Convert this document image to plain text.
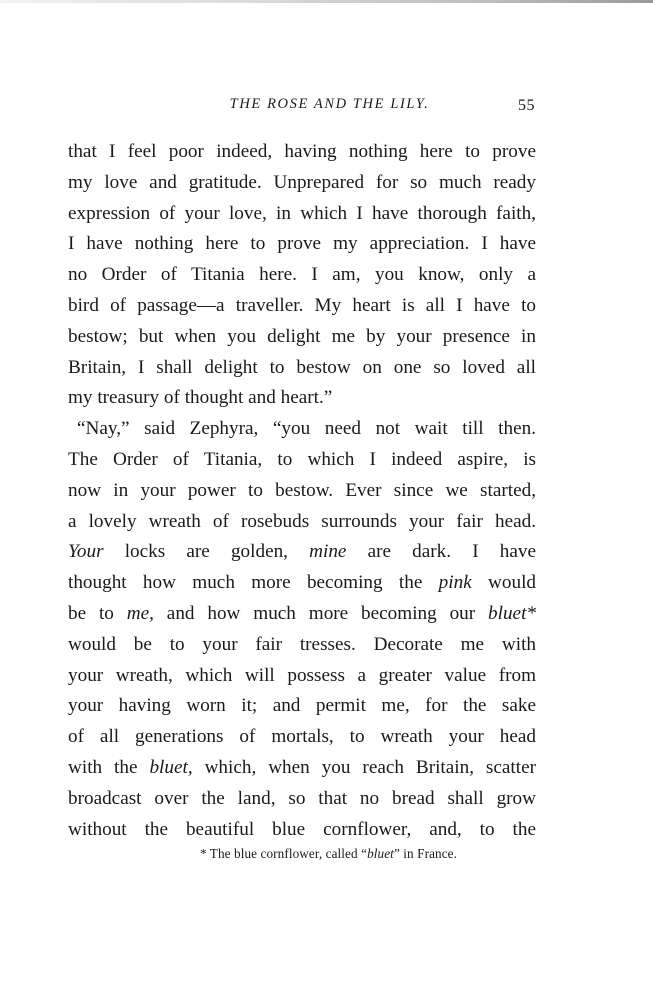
THE ROSE AND THE LILY.	55
that I feel poor indeed, having nothing here to prove
my love and gratitude. Unprepared for so much ready
expression of your love, in which I have thorough faith,
I have nothing here to prove my appreciation. I have
no Order of Titania here. I am, you know, only a
bird of passage—a traveller. My heart is all I have to
bestow; but when you delight me by your presence in
Britain, I shall delight to bestow on one so loved all
my treasury of thought and heart.”
“Nay,” said Zephyra, “you need not wait till then.
The Order of Titania, to which I indeed aspire, is
now in your power to bestow. Ever since we started,
a lovely wreath of rosebuds surrounds your fair head.
Your locks are golden, mine are dark. I have
thought how much more becoming the pink would
be to me, and how much more becoming our bluet*
would be to your fair tresses. Decorate me with
your wreath, which will possess a greater value from
your having worn it; and permit me, for the sake
of all generations of mortals, to wreath your head
with the bluet, which, when you reach Britain, scatter
broadcast over the land, so that no bread shall grow
without the beautiful blue cornflower, and, to the
* The blue cornflower, called “bluet” in France.
